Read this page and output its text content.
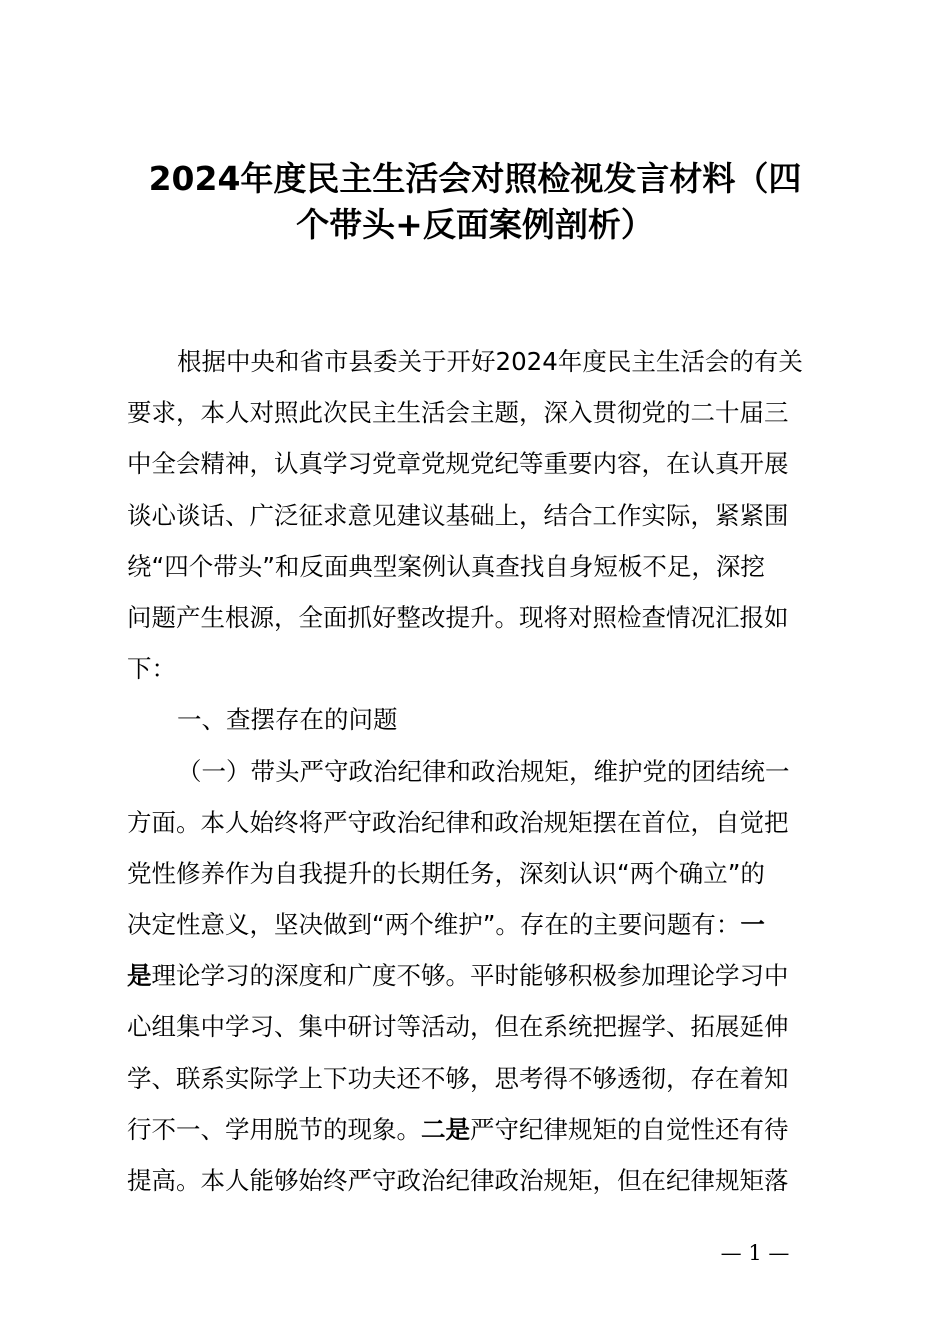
2024年度民主生活会对照检视发言材料（四
个带头+反面案例剖析）
根据中央和省市县委关于开好2024年度民主生活会的有关
要求，本人对照此次民主生活会主题，深入贯彻党的二十届三
中全会精神，认真学习党章党规党纪等重要内容，在认真开展
谈心谈话、广泛征求意见建议基础上，结合工作实际，紧紧围
绕“四个带头”和反面典型案例认真查找自身短板不足，深挖
问题产生根源，全面抓好整改提升。现将对照检查情况汇报如
下：
一、查摆存在的问题
（一）带头严守政治纪律和政治规矩，维护党的团结统一
方面。本人始终将严守政治纪律和政治规矩摆在首位，自觉把
党性修养作为自我提升的长期任务，深刻认识“两个确立”的
决定性意义，坚决做到“两个维护”。存在的主要问题有：一
是理论学习的深度和广度不够。平时能够积极参加理论学习中
心组集中学习、集中研讨等活动，但在系统把握学、拓展延伸
学、联系实际学上下功夫还不够，思考得不够透彻，存在着知
行不一、学用脱节的现象。二是严守纪律规矩的自觉性还有待
提高。本人能够始终严守政治纪律政治规矩，但在纪律规矩落
— 1 —
